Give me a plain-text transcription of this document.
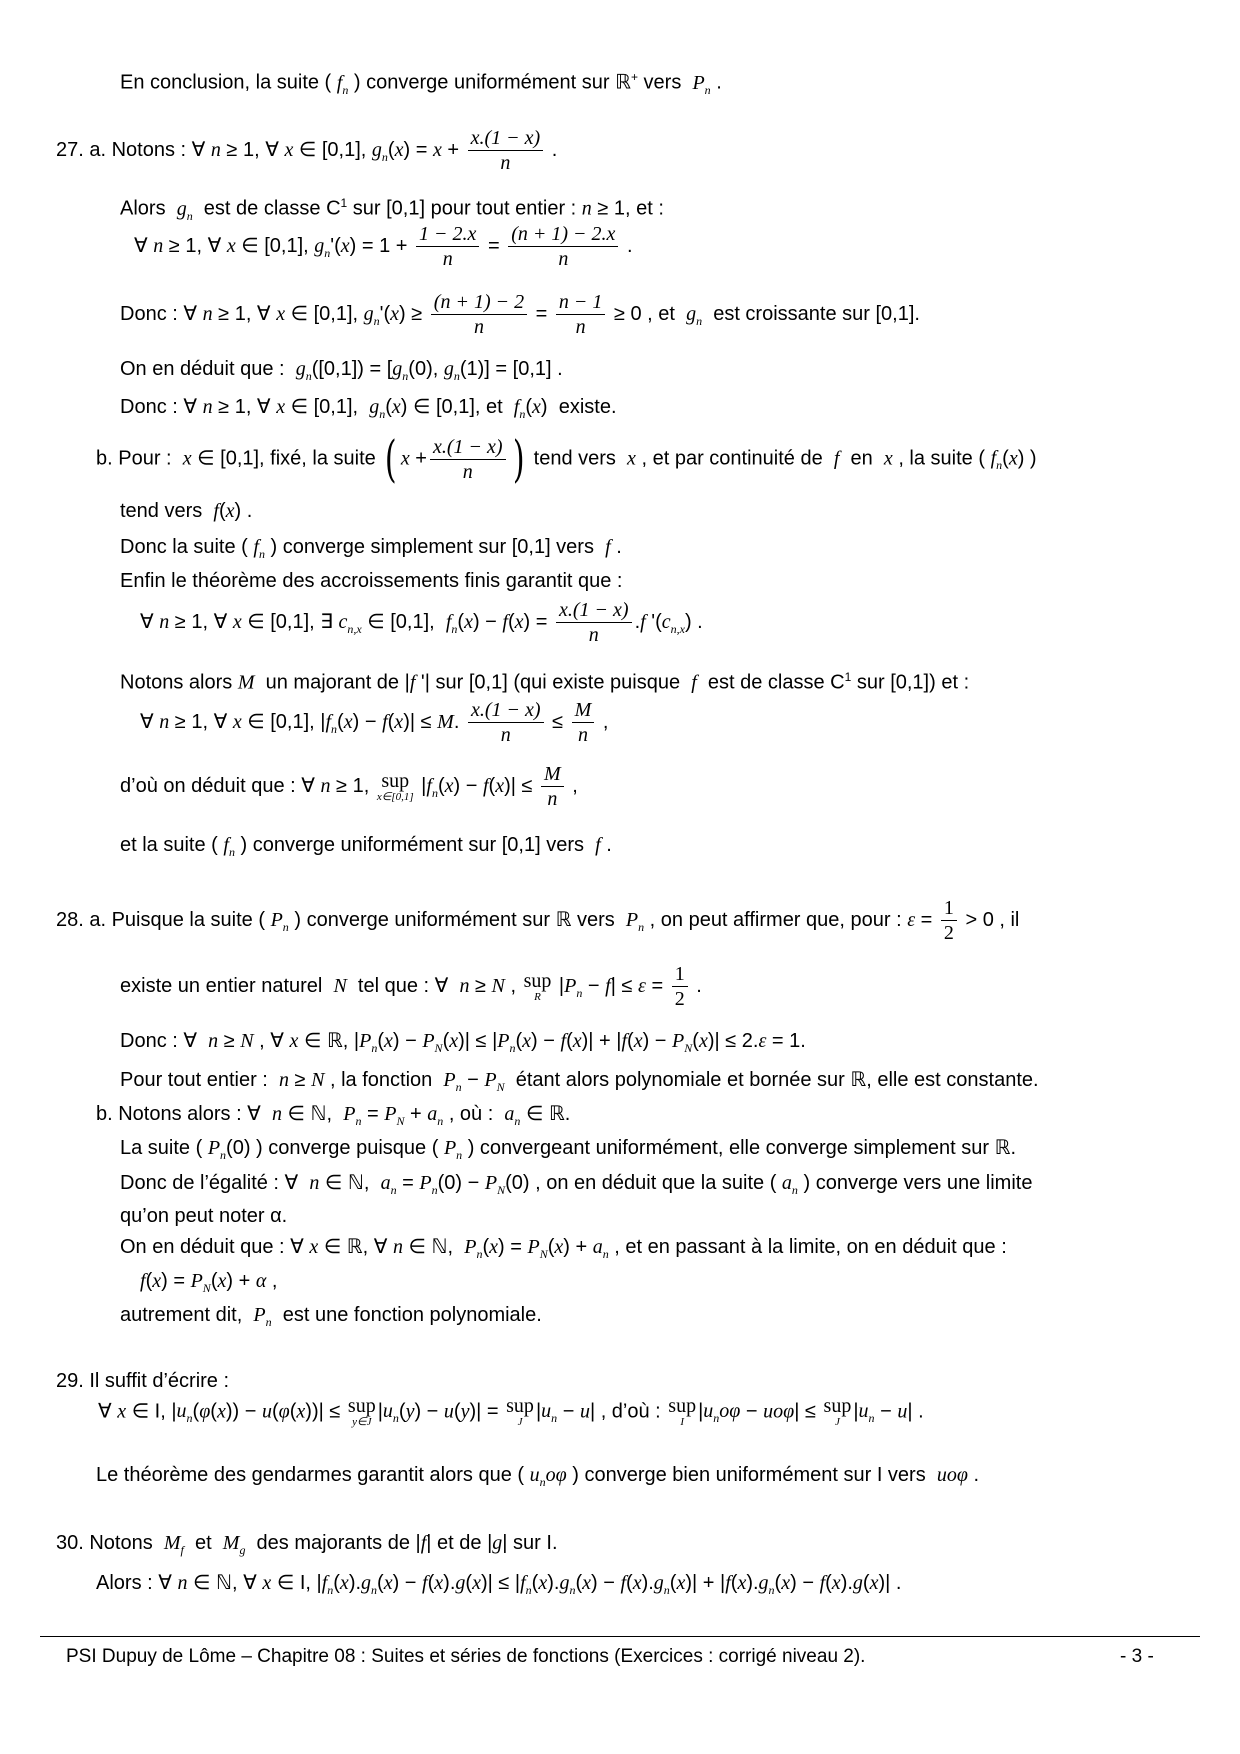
En conclusion, la suite ( $f_n$ ) converge uniformément sur ℝ+ vers  $P_n$ .
27. a. Notons : ∀ n ≥ 1, ∀ x ∈ [0,1], $g_n(x) = x + \frac{x.(1 - x)}{n}$ .
Alors  $g_n$  est de classe $C^1$ sur [0,1] pour tout entier : n ≥ 1, et :
∀ n ≥ 1, ∀ x ∈ [0,1], $g_n'(x) = 1 + \frac{1 - 2.x}{n} = \frac{(n + 1) - 2.x}{n}$ .
Donc : ∀ n ≥ 1, ∀ x ∈ [0,1], $g_n'(x) \ge \frac{(n + 1) - 2}{n} = \frac{n - 1}{n} \ge 0$ , et  $g_n$  est croissante sur [0,1].
On en déduit que :  $g_n([0,1]) = [g_n(0)$, $g_n(1)] = [0,1]$ .
Donc : ∀ n ≥ 1, ∀ x ∈ [0,1],  $g_n(x)$ ∈ [0,1], et  $f_n(x)$  existe.
b. Pour :  x ∈ [0,1], fixé, la suite ( $x + \frac{x.(1 - x)}{n}$ ) tend vers  x , et par continuité de  f  en  x , la suite ( $f_n(x)$ )
tend vers  f(x) .
Donc la suite ( $f_n$ ) converge simplement sur [0,1] vers  f .
Enfin le théorème des accroissements finis garantit que :
∀ n ≥ 1, ∀ x ∈ [0,1], ∃ $c_{n,x}$ ∈ [0,1],  $f_n(x) - f(x) = \frac{x.(1 - x)}{n} .f$ '$(c_{n,x})$ .
Notons alors M  un majorant de |f '| sur [0,1] (qui existe puisque  f  est de classe $C^1$ sur [0,1]) et :
∀ n ≥ 1, ∀ x ∈ [0,1], $|f_n(x) - f(x)| \le M$. $\frac{x.(1 - x)}{n} \le \frac{M}{n}$ ,
d’où on déduit que : ∀ n ≥ 1, sup
x∈[0,1] $|f_n(x) - f(x)| \le \frac{M}{n}$ ,
et la suite ( $f_n$ ) converge uniformément sur [0,1] vers  f .
28. a. Puisque la suite ( $P_n$ ) converge uniformément sur ℝ vers  $P_n$ , on peut affirmer que, pour : $\varepsilon = \frac{1}{2} > 0$ , il
existe un entier naturel  N  tel que : ∀  n ≥ N , sup
R $|P_n - f| \le \varepsilon = \frac{1}{2}$ .
Donc : ∀  n ≥ N , ∀ x ∈ ℝ, $|P_n(x) - P_N(x)| \le |P_n(x) - f(x)| + |f(x) - P_N(x)| \le 2.\varepsilon = 1$.
Pour tout entier :  n ≥ N , la fonction  $P_n - P_N$  étant alors polynomiale et bornée sur ℝ, elle est constante.
b. Notons alors : ∀  n ∈ ℕ,  $P_n = P_N + a_n$ , où :  $a_n$ ∈ ℝ.
La suite ( $P_n(0)$ ) converge puisque ( $P_n$ ) convergeant uniformément, elle converge simplement sur ℝ.
Donc de l’égalité : ∀  n ∈ ℕ,  $a_n = P_n(0) - P_N(0)$ , on en déduit que la suite ( $a_n$ ) converge vers une limite
qu’on peut noter α.
On en déduit que : ∀ x ∈ ℝ, ∀ n ∈ ℕ,  $P_n(x) = P_N(x) + a_n$ , et en passant à la limite, on en déduit que :
$f(x) = P_N(x) + \alpha$ ,
autrement dit,  $P_n$  est une fonction polynomiale.
29. Il suffit d’écrire :
∀ x ∈ I, $|u_n(\varphi(x)) - u(\varphi(x))|$ ≤ sup
y∈J $|u_n(y) - u(y)|$ = sup
J $|u_n - u|$ , d’où : sup
I $|u_no\varphi - uo\varphi|$ ≤ sup
J $|u_n - u|$ .
Le théorème des gendarmes garantit alors que ( $u_no\varphi$ ) converge bien uniformément sur I vers  uoφ .
30. Notons  $M_f$  et  $M_g$  des majorants de |f| et de |g| sur I.
Alors : ∀ n ∈ ℕ, ∀ x ∈ I, $|f_n(x).g_n(x) - f(x).g(x)| \le |f_n(x).g_n(x) - f(x).g_n(x)| + |f(x).g_n(x) - f(x).g(x)|$ .
PSI Dupuy de Lôme – Chapitre 08 : Suites et séries de fonctions (Exercices : corrigé niveau 2).	- 3 -
